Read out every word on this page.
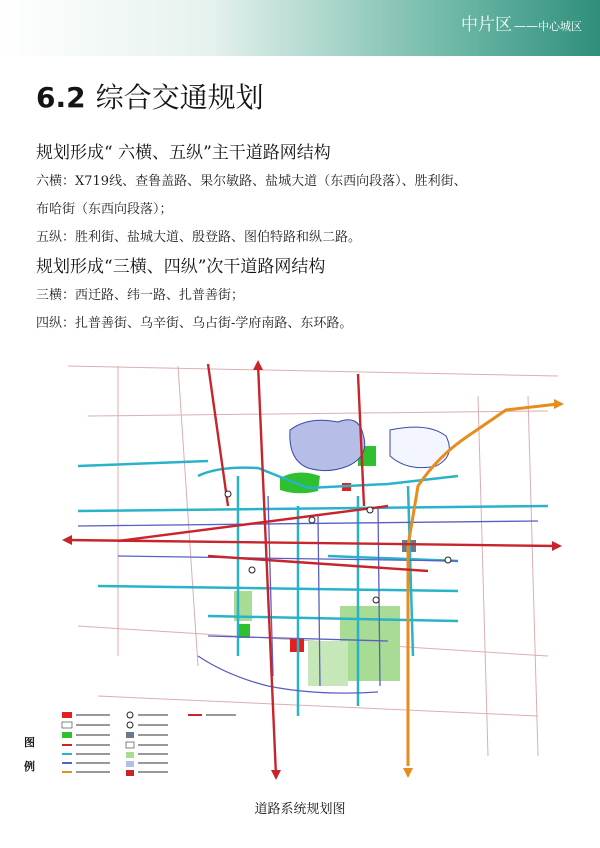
中片区 ——中心城区
6.2 综合交通规划

规划形成“ 六横、五纵”主干道路网结构

六横：X719线、查鲁盖路、果尔敏路、盐城大道（东西向段落）、胜利街、

布哈街（东西向段落）；

五纵：胜利街、盐城大道、殷登路、图伯特路和纵二路。

规划形成“三横、四纵”次干道路网结构

三横：西迁路、纬一路、扎普善街；

四纵：扎普善街、乌辛街、乌占街-学府南路、东环路。

图
例
道路系统规划图
